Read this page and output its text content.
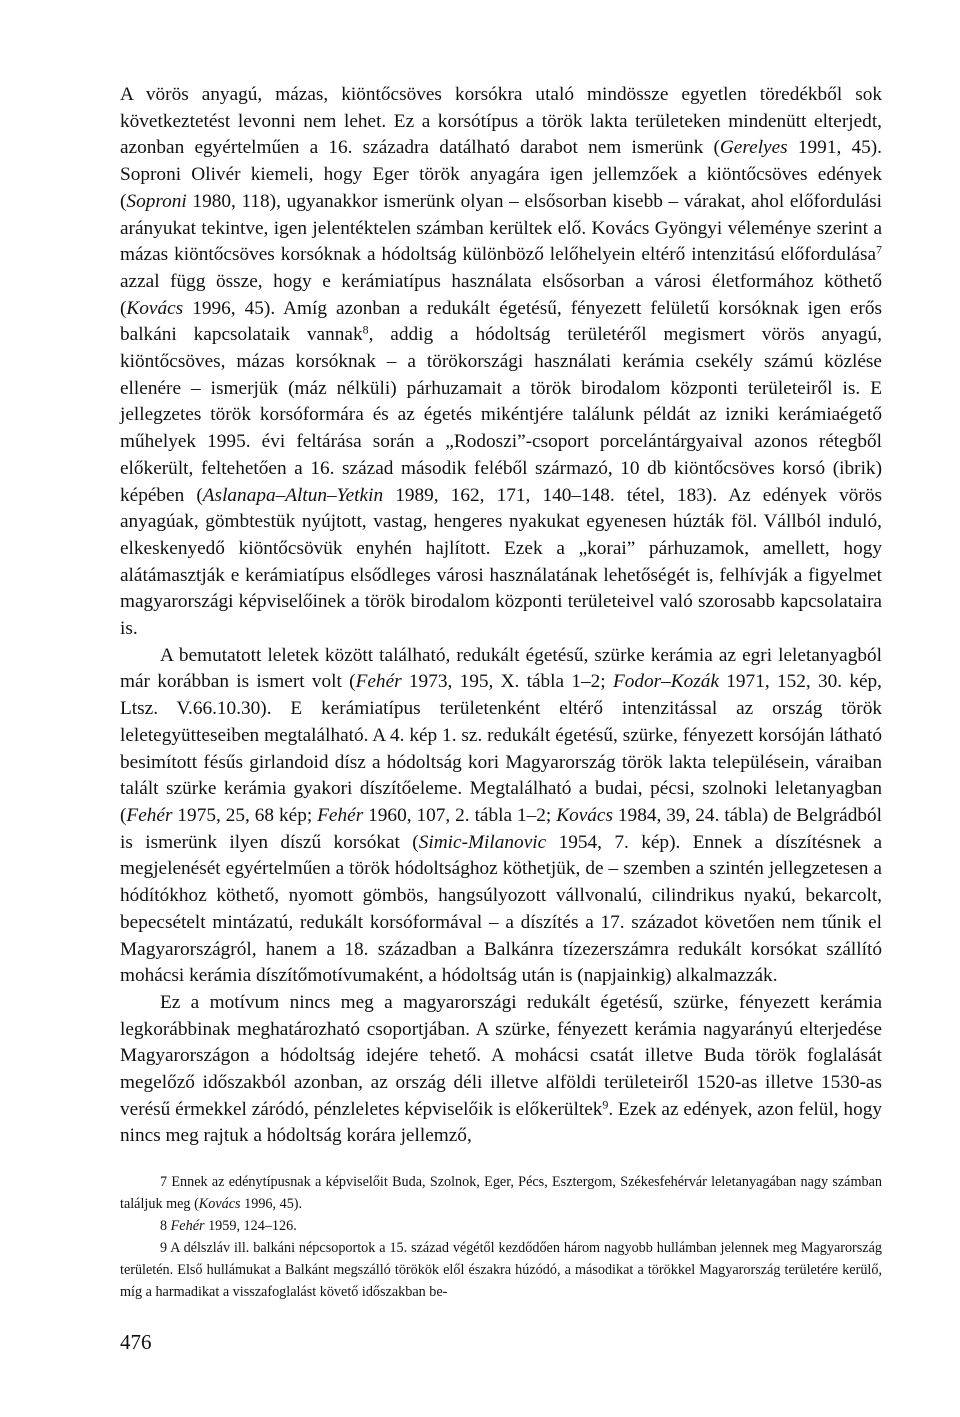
A vörös anyagú, mázas, kiöntőcsöves korsókra utaló mindössze egyetlen töredékből sok következtetést levonni nem lehet. Ez a korsótípus a török lakta területeken mindenütt elterjedt, azonban egyértelműen a 16. századra datálható darabot nem ismerünk (Gerelyes 1991, 45). Soproni Olivér kiemeli, hogy Eger török anyagára igen jellemzőek a kiöntőcsöves edények (Soproni 1980, 118), ugyanakkor ismerünk olyan – elsősorban kisebb – várakat, ahol előfordulási arányukat tekintve, igen jelentéktelen számban kerültek elő. Kovács Gyöngyi véleménye szerint a mázas kiöntőcsöves korsóknak a hódoltság különböző lelőhelyein eltérő intenzitású előfordulása$^7$ azzal függ össze, hogy e kerámiatípus használata elsősorban a városi életformához köthető (Kovács 1996, 45). Amíg azonban a redukált égetésű, fényezett felületű korsóknak igen erős balkáni kapcsolataik vannak$^8$, addig a hódoltság területéről megismert vörös anyagú, kiöntőcsöves, mázas korsóknak – a törökországi használati kerámia csekély számú közlése ellenére – ismerjük (máz nélküli) párhuzamait a török birodalom központi területeiről is. E jellegzetes török korsóformára és az égetés mikéntjére találunk példát az izniki kerámiaégető műhelyek 1995. évi feltárása során a „Rodoszi”-csoport porcelántárgyaival azonos rétegből előkerült, feltehetően a 16. század második feléből származó, 10 db kiöntőcsöves korsó (ibrik) képében (Aslanapa–Altun–Yetkin 1989, 162, 171, 140–148. tétel, 183). Az edények vörös anyagúak, gömbtestük nyújtott, vastag, hengeres nyakukat egyenesen húzták föl. Vállból induló, elkeskenyedő kiöntőcsövük enyhén hajlított. Ezek a „korai” párhuzamok, amellett, hogy alátámasztják e kerámiatípus elsődleges városi használatának lehetőségét is, felhívják a figyelmet magyarországi képviselőinek a török birodalom központi területeivel való szorosabb kapcsolataira is.

A bemutatott leletek között található, redukált égetésű, szürke kerámia az egri leletanyagból már korábban is ismert volt (Fehér 1973, 195, X. tábla 1–2; Fodor–Kozák 1971, 152, 30. kép, Ltsz. V.66.10.30). E kerámiatípus területenként eltérő intenzitással az ország török leletegyütteseiben megtalálható. A 4. kép 1. sz. redukált égetésű, szürke, fényezett korsóján látható besimított fésűs girlandoid dísz a hódoltság kori Magyarország török lakta településein, váraiban talált szürke kerámia gyakori díszítőeleme. Megtalálható a budai, pécsi, szolnoki leletanyagban (Fehér 1975, 25, 68 kép; Fehér 1960, 107, 2. tábla 1–2; Kovács 1984, 39, 24. tábla) de Belgrádból is ismerünk ilyen díszű korsókat (Simic-Milanovic 1954, 7. kép). Ennek a díszítésnek a megjelenését egyértelműen a török hódoltsághoz köthetjük, de – szemben a szintén jellegzetesen a hódítókhoz köthető, nyomott gömbös, hangsúlyozott vállvonalú, cilindrikus nyakú, bekarcolt, bepecsételt mintázatú, redukált korsóformával – a díszítés a 17. századot követően nem tűnik el Magyarországról, hanem a 18. században a Balkánra tízezerszámra redukált korsókat szállító mohácsi kerámia díszítőmotívumaként, a hódoltság után is (napjainkig) alkalmazzák.

Ez a motívum nincs meg a magyarországi redukált égetésű, szürke, fényezett kerámia legkorábbinak meghatározható csoportjában. A szürke, fényezett kerámia nagyarányú elterjedése Magyarországon a hódoltság idejére tehető. A mohácsi csatát illetve Buda török foglalását megelőző időszakból azonban, az ország déli illetve alföldi területeiről 1520-as illetve 1530-as verésű érmekkel záródó, pénzleletes képviselőik is előkerültek$^9$. Ezek az edények, azon felül, hogy nincs meg rajtuk a hódoltság korára jellemző,

7 Ennek az edénytípusnak a képviselőit Buda, Szolnok, Eger, Pécs, Esztergom, Székesfehérvár leletanyagában nagy számban találjuk meg (Kovács 1996, 45).

8 Fehér 1959, 124–126.

9 A délszláv ill. balkáni népcsoportok a 15. század végétől kezdődően három nagyobb hullámban jelennek meg Magyarország területén. Első hullámukat a Balkánt megszálló törökök elől északra húzódó, a másodikat a törökkel Magyarország területére kerülő, míg a harmadikat a visszafoglalást követő időszakban be-

476
